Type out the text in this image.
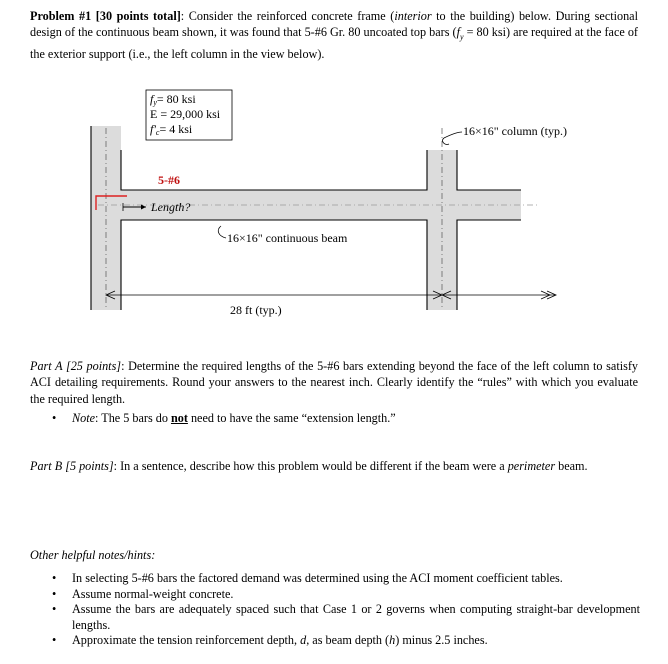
Problem #1 [30 points total]: Consider the reinforced concrete frame (interior to the building) below. During sectional design of the continuous beam shown, it was found that 5-#6 Gr. 80 uncoated top bars ($f_y = 80$ ksi) are required at the face of the exterior support (i.e., the left column in the view below).
fy= 80 ksi
E = 29,000 ksi
f'c= 4 ksi
5-#6
Length?
16×16" column (typ.)
16×16" continuous beam
28 ft (typ.)
Part A [25 points]: Determine the required lengths of the 5-#6 bars extending beyond the face of the left column to satisfy ACI detailing requirements. Round your answers to the nearest inch. Clearly identify the “rules” with which you evaluate the required length.
• Note: The 5 bars do not need to have the same “extension length.”
Part B [5 points]: In a sentence, describe how this problem would be different if the beam were a perimeter beam.
Other helpful notes/hints:
• In selecting 5-#6 bars the factored demand was determined using the ACI moment coefficient tables.
• Assume normal-weight concrete.
• Assume the bars are adequately spaced such that Case 1 or 2 governs when computing straight-bar development lengths.
• Approximate the tension reinforcement depth, d, as beam depth (h) minus 2.5 inches.
